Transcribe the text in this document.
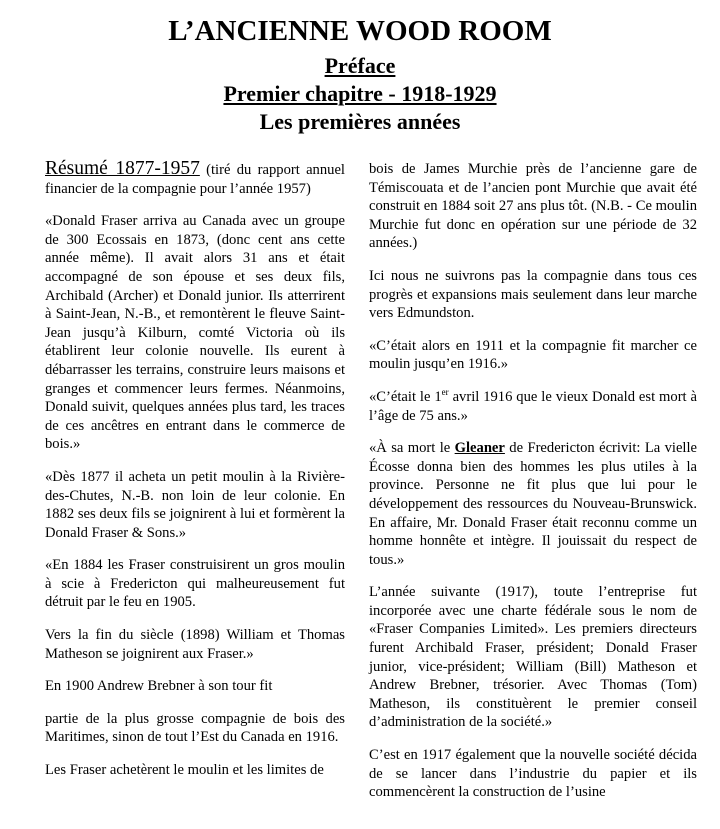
L’ANCIENNE WOOD ROOM
Préface
Premier chapitre - 1918-1929
Les premières années

Résumé 1877-1957 (tiré du rapport annuel financier de la compagnie pour l’année 1957)

«Donald Fraser arriva au Canada avec un groupe de 300 Ecossais en 1873, (donc cent ans cette année même). Il avait alors 31 ans et était accompagné de son épouse et ses deux fils, Archibald (Archer) et Donald junior. Ils atterrirent à Saint-Jean, N.-B., et remontèrent le fleuve Saint-Jean jusqu’à Kilburn, comté Victoria où ils établirent leur colonie nouvelle. Ils eurent à débarrasser les terrains, construire leurs maisons et granges et commencer leurs fermes. Néanmoins, Donald suivit, quelques années plus tard, les traces de ces ancêtres en entrant dans le commerce de bois.»

«Dès 1877 il acheta un petit moulin à la Rivière-des-Chutes, N.-B. non loin de leur colonie. En 1882 ses deux fils se joignirent à lui et formèrent la Donald Fraser & Sons.»

«En 1884 les Fraser construisirent un gros moulin à scie à Fredericton qui malheureusement fut détruit par le feu en 1905.

Vers la fin du siècle (1898) William et Thomas Matheson se joignirent aux Fraser.»

En 1900 Andrew Brebner à son tour fit

partie de la plus grosse compagnie de bois des Maritimes, sinon de tout l’Est du Canada en 1916.

Les Fraser achetèrent le moulin et les limites de

bois de James Murchie près de l’ancienne gare de Témiscouata et de l’ancien pont Murchie que avait été construit en 1884 soit 27 ans plus tôt. (N.B. - Ce moulin Murchie fut donc en opération sur une période de 32 années.)

Ici nous ne suivrons pas la compagnie dans tous ces progrès et expansions mais seulement dans leur marche vers Edmundston.

«C’était alors en 1911 et la compagnie fit marcher ce moulin jusqu’en 1916.»

«C’était le 1er avril 1916 que le vieux Donald est mort à l’âge de 75 ans.»

«À sa mort le Gleaner de Fredericton écrivit: La vielle Écosse donna bien des hommes les plus utiles à la province. Personne ne fit plus que lui pour le développement des ressources du Nouveau-Brunswick. En affaire, Mr. Donald Fraser était reconnu comme un homme honnête et intègre. Il jouissait du respect de tous.»

L’année suivante (1917), toute l’entreprise fut incorporée avec une charte fédérale sous le nom de «Fraser Companies Limited». Les premiers directeurs furent Archibald Fraser, président; Donald Fraser junior, vice-président; William (Bill) Matheson et Andrew Brebner, trésorier. Avec Thomas (Tom) Matheson, ils constituèrent le premier conseil d’administration de la société.»

C’est en 1917 également que la nouvelle société décida de se lancer dans l’industrie du papier et ils commencèrent la construction de l’usine
